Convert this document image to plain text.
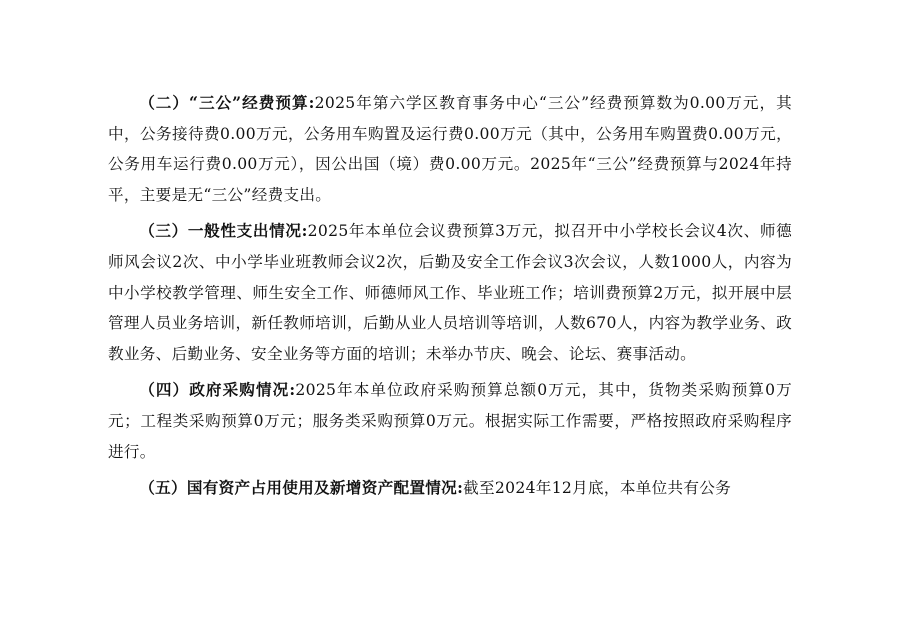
（二）“三公”经费预算:2025年第六学区教育事务中心“三公”经费预算数为0.00万元，其中，公务接待费0.00万元，公务用车购置及运行费0.00万元（其中，公务用车购置费0.00万元，公务用车运行费0.00万元），因公出国（境）费0.00万元。2025年“三公”经费预算与2024年持平，主要是无“三公”经费支出。

（三）一般性支出情况:2025年本单位会议费预算3万元，拟召开中小学校长会议4次、师德师风会议2次、中小学毕业班教师会议2次，后勤及安全工作会议3次会议，人数1000人，内容为中小学校教学管理、师生安全工作、师德师风工作、毕业班工作；培训费预算2万元，拟开展中层管理人员业务培训，新任教师培训，后勤从业人员培训等培训，人数670人，内容为教学业务、政教业务、后勤业务、安全业务等方面的培训；未举办节庆、晚会、论坛、赛事活动。

（四）政府采购情况:2025年本单位政府采购预算总额0万元，其中，货物类采购预算0万元；工程类采购预算0万元；服务类采购预算0万元。根据实际工作需要，严格按照政府采购程序进行。

（五）国有资产占用使用及新增资产配置情况:截至2024年12月底，本单位共有公务
